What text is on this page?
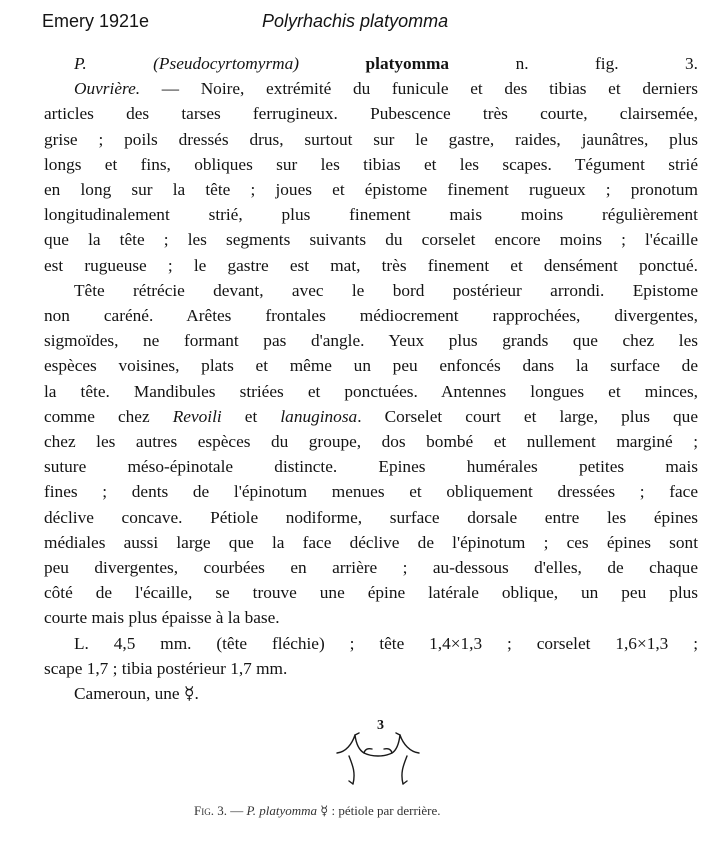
Emery 1921e	Polyrhachis platyomma
P.	(Pseudocyrtomyrma)	platyomma n. fig. 3.
Ouvrière. — Noire, extrémité du funicule et des tibias et derniers
articles des tarses ferrugineux. Pubescence très courte, clairsemée,
grise ; poils dressés drus, surtout sur le gastre, raides, jaunâtres, plus
longs et fins, obliques sur les tibias et les scapes. Tégument strié
en long sur la tête ; joues et épistome finement rugueux ; pronotum
longitudinalement strié, plus finement mais moins régulièrement
que la tête ; les segments suivants du corselet encore moins ; l'écaille
est rugueuse ; le gastre est mat, très finement et densément ponctué.
Tête rétrécie devant, avec le bord postérieur arrondi. Epistome
non caréné. Arêtes frontales médiocrement rapprochées, divergentes,
sigmoïdes, ne formant pas d'angle. Yeux plus grands que chez les
espèces voisines, plats et même un peu enfoncés dans la surface de
la tête. Mandibules striées et ponctuées. Antennes longues et minces,
comme chez Revoili et lanuginosa. Corselet court et large, plus que
chez les autres espèces du groupe, dos bombé et nullement marginé ;
suture méso-épinotale distincte. Epines humérales petites mais
fines ; dents de l'épinotum menues et obliquement dressées ; face
déclive concave. Pétiole nodiforme, surface dorsale entre les épines
médiales aussi large que la face déclive de l'épinotum ; ces épines sont
peu divergentes, courbées en arrière ; au-dessous d'elles, de chaque
côté de l'écaille, se trouve une épine latérale oblique, un peu plus
courte mais plus épaisse à la base.
L. 4,5 mm. (tête fléchie) ; tête 1,4×1,3 ; corselet 1,6×1,3 ;
scape 1,7 ; tibia postérieur 1,7 mm.
Cameroun, une ☿.
3
Fig. 3. — P. platyomma ☿ : pétiole par derrière.
